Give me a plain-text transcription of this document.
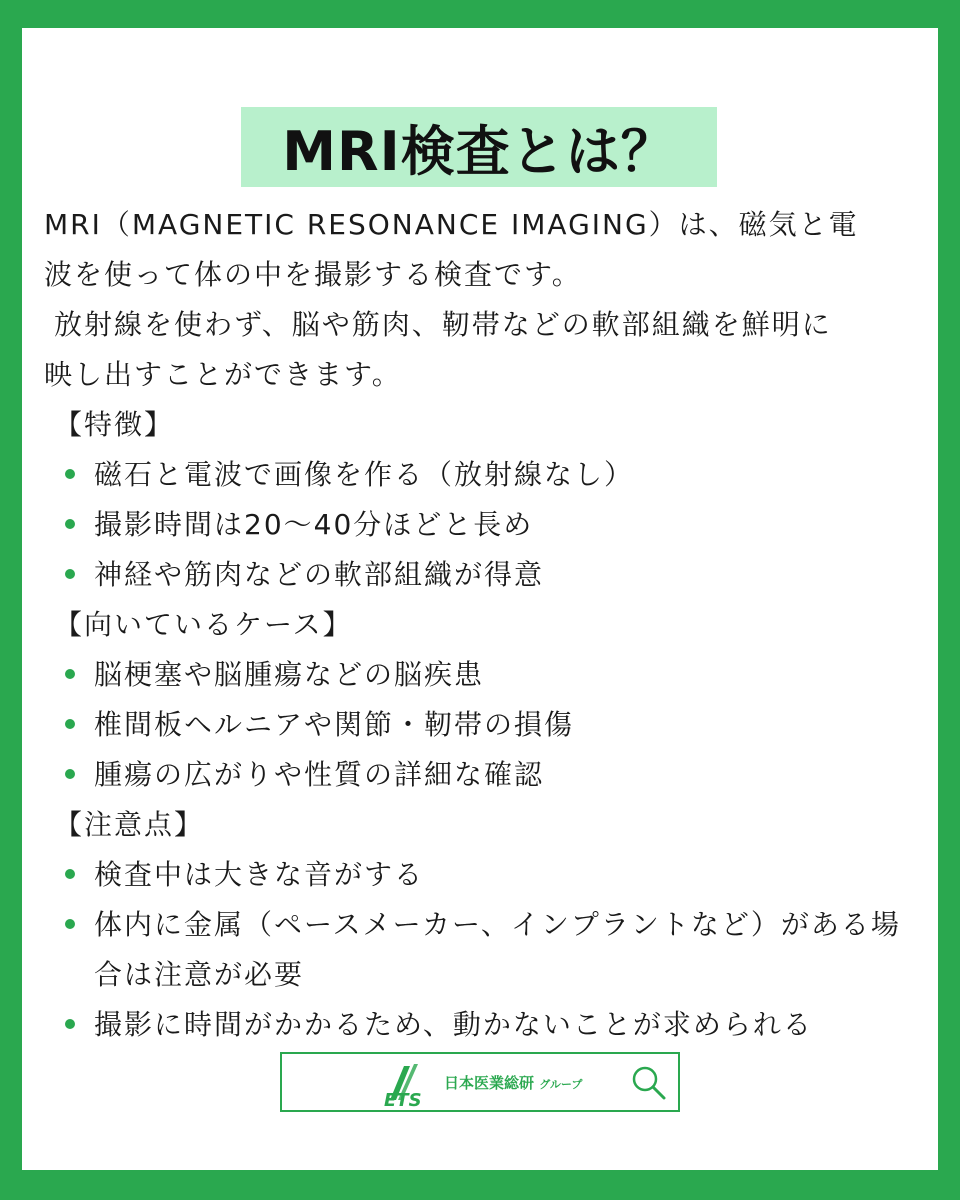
MRI検査とは？

MRI（MAGNETIC RESONANCE IMAGING）は、磁気と電

波を使って体の中を撮影する検査です。

放射線を使わず、脳や筋肉、靭帯などの軟部組織を鮮明に

映し出すことができます。

【特徴】

磁石と電波で画像を作る（放射線なし）
撮影時間は20〜40分ほどと長め
神経や筋肉などの軟部組織が得意

【向いているケース】

脳梗塞や脳腫瘍などの脳疾患
椎間板ヘルニアや関節・靭帯の損傷
腫瘍の広がりや性質の詳細な確認

【注意点】

検査中は大きな音がする
体内に金属（ペースメーカー、インプラントなど）がある場合は注意が必要
撮影に時間がかかるため、動かないことが求められる
ETS
日本医業総研 グループ
